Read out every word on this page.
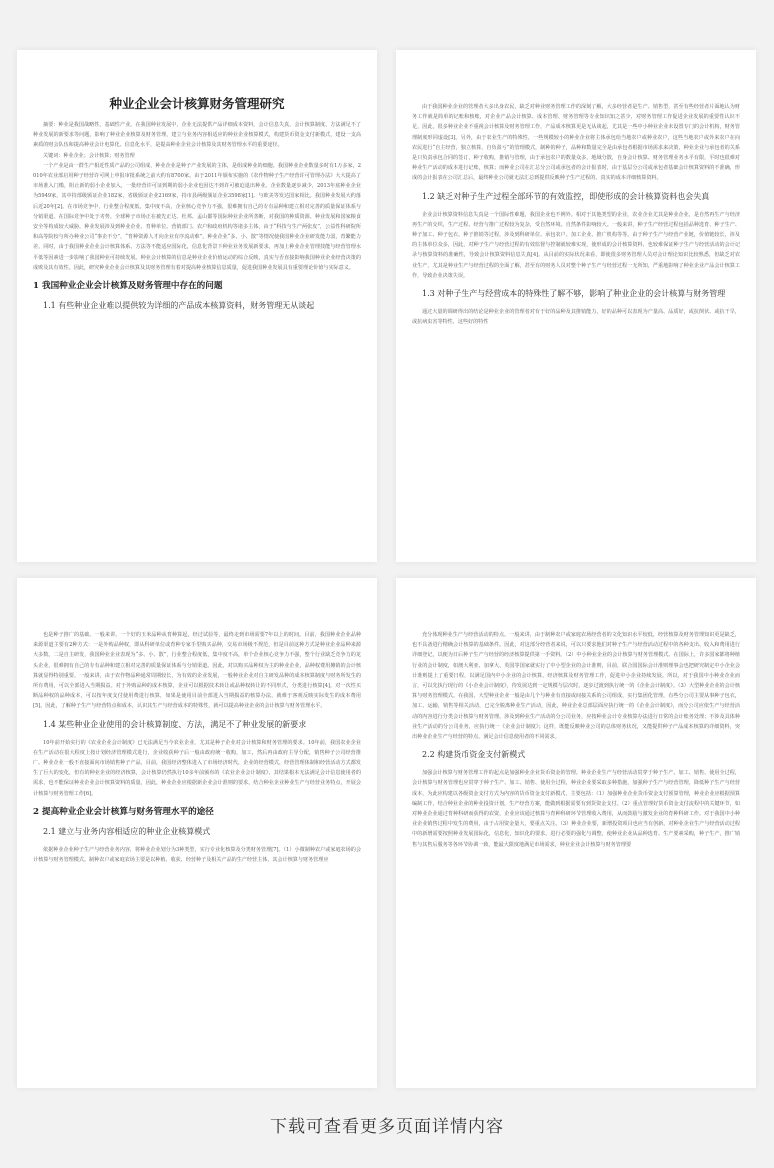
种业企业会计核算财务管理研究

摘要：种业是我国战略性、基础性产业。在我国种业发展中，企业无法提供产品详细成本资料，会计信息失真，会计核算制度、方法满足不了种业发展的新要求等问题，影响了种业企业核算及财务管理，建立与业务内容相适应的种业企业核算模式，构建货币资金支付新模式，建设一支高素质的财会队伍和提高种业会计电算化、信息化水平，是提高种业企业会计核算及其财务管理水平的重要途径。

关键词：种业企业；会计核算；财务管理

一个产业是由一群生产相近性质产品的公司组成，种业企业是种子产业发展的主体，是组成种业的细胞。我国种业企业数量多时有1万多家，2010年农业部启用种子经营许可网上申报审批系统之前大约有8700家。由于2011年颁布实施的《农作物种子生产经营许可管理办法》大大提高了市场准入门槛，阻止新的弱小企业加入，一批经营许可证到期的弱小企业也因达不到许可被迫退出种业。企业数量逐步减少，2013年底种业企业为5949家，其中持部级颁证企业182家，省级颁证企业2169家，持市县两级颁证企业3598家[1]。与欧美等发达国家相比，我国种业发展大约落后近20年[2]。在市场竞争中，行业整合程度低，集中度不高，企业核心竞争力不强，很难拥有自己的专有品种和建立相对完善的质量保证体系与分销渠道。在国际竞争中处于劣势。全球种子市场正在被先正达、杜邦、孟山都等国际种业企业所垄断，对我国的种质资源、种业发展和国家粮食安全等构成较大威胁。种业发展涉及到种业企业、育种单位、营销部门、农户和政府机构等诸多主体，由于“科技与生产两张皮”，公益性科研院所和高等院校与所办种业公司“事企不分”，“育种资源人才向企业有序流动难”，种业企业“多、小、散”等情况使我国种业企业研发能力弱，育繁能力差。同时，由于我国种业企业会计核算体系、方法等不能适应国际化，信息化背景下种业业务发展新要求，再加上种业企业管理技能与经营管理水平低等因素进一步影响了我国种业可持续发展。种业会计核算的信息是种业企业价值运动的综合反映，真实与否直接影响我国种业企业经营决策的成败及其有效性。因此，研究种业企业会计核算及其财务管理有着对提高种业核算信息质量，促进我国种业发展具有重要理论价值与实际意义。

1 我国种业企业会计核算及财务管理中存在的问题
1.1 有些种业企业难以提供较为详细的产品成本核算资料，财务管理无从谈起

由于我国种业企业的管理者大多出身农民，缺乏对种业财务管理工作的深刻了解，大多经营者是生产、销售型，甚至有些经营者片面地认为财务工作就是简单的记账和核账，对企业产品会计核算、成本管理、财务管理等专业知识知之甚少，对财务管理工作促进企业发展的重要性认识不足，因此，很多种业企业不重视会计核算及财务管理工作，产品成本核算更是无从谈起，尤其是一些中小种业企业未设置专门的会计机构，财务管理制度形同虚设[3]。另外，由于农业生产的特殊性，一些规模较小的种业企业将主体承包给当地农户或种业农户，这些当地农户或外来农户在向农民进行“自主经营，独立核算，自负盈亏”的管理模式，制种的种子，品种和数量完全是由承包者根据市场需求来决策，种业企业与承包者的关系是只负责承包合同的签订，种子收购，推销与管理，由于承包农户的数量众多，地域分散，自身会计核算、财务管理业务水平有限，平时也很难对种业生产活动的成本进行记账，核算；而种业公司在汇总分公司或承包者的会计报表时，由于基层分公司或承包者基础会计核算资料的不准确，形成的会计报表在公司汇总后，最终种业公司就无法汇总到提供反映种子生产过程的、真实的成本详细核算资料。

1.2 缺乏对种子生产过程全部环节的有效监控，即使形成的会计核算资料也会失真

企业会计核算资料信息失真是一个国际性难题，我国企业也不例外。相对于其他类型的企业，农业企业尤其是种业企业，是自然再生产与经济再生产的交织，生产过程、经营与推广过程较为复杂，受自然环境、自然条件影响较大。一般来讲，种子生产经营过程包括品种选育、种子生产、种子加工、种子包衣、种子推销等过程，涉及到科研单位、承包农户、加工企业、推广机构等等。由于种子生产与经营产业链，价值链较长，涉及的主体单位众多，因此，对种子生产与经营过程的有效监督与控制就较难实现，使形成的会计核算资料，也较难保证种子生产与经营活动的会计记录与核算资料的准确性，导致会计核算资料信息失真[4]。从目前的实际状况来看，即使很多财务管理人员对会计理论知识比较熟悉，但缺乏对农业生产，尤其是种业生产与经营过程的全面了解，甚至有的财务人员对整个种子生产与经营过程一无所知，严重地影响了种业企业产品会计核算工作，导致企业决策失误。

1.3 对种子生产与经营成本的特殊性了解不够，影响了种业企业的会计核算与财务管理

通过大量的调研得出的结论是种业企业的管理者对有于好的品种及其推销能力，好的品种可以表现为产量高、品质好，或抗倒伏、或抗干旱，或抗病虫害等特性，这些好的特性

也是种子推广的基础。一般来讲，一个好的玉米品种从育种算起，经过试验等，最终走到市场需要7年以上的时间。目前，我国种业企业品种来源渠道主要有2种方式：一是外购品种权，即从科研单位或育种专家手里购买品种，交易市场极不规范，但是目前这种方式是种业企业品种来源大多数。二是自主研发，我国种业企业表现为“多、小、散”，行业整合程度低，集中度不高，单个企业核心竞争力不强，整个行业缺乏竞争力的龙头企业，很难拥有自己的专有品种和建立相对完善的质量保证体系与分销渠道。因此，对以购买品种权为主的种业企业，品种权费用摊销的会计核算就显得特别重要。一般来讲，由于农作物品种通常周期较长，为有效的企业发展，一般种业企业对自主研发品种的成本核算制度与财务所发生的所有费用，可以全部进入当期损益。对于外购品种的成本核算，企业可以根据技术转让或品种权转让的不同形式，分类进行核算[4]。对一次性买断品种权的品种成本，可以按年度支付使用费进行核算，如果是使用目前全部进入当期损益的核算办法，就难于客观反映实际发生的成本费用[5]。因此，了解种子生产与经营特点和成本，认识其生产与经营成本的特殊性，就可以提高种业企业的会计核算与财务管理水平。

1.4 某些种业企业使用的会计核算制度、方法，满足不了种业发展的新要求

10年前开始实行的《农业企业会计制度》已无法满足当今农业企业，尤其是种子企业对会计核算和财务管理的要求。10年前，我国农业企业在生产活动在很大程度上按计划经济管理模式进行，企业收获种子后一般由政府统一收购，加工，然后再由政府主导分配，销售种子公司经营推广。种业企业一般不直接面向市场销售种子产品，目前，我国经济整体进入了市场经济时代，企业的经营模式，经营管理体制和经营活动方式都发生了巨大的变化，但有的种业企业的经济核算，会计核算仍然执行10多年前颁布的《农业企业会计制度》，其结果根本无法满足会计信息使用者的需求，也不能保证种业企业会计核算资料的质量，因此，种业企业应根据新企业会计准则的要求，结合种业企业种业生产与经营业务特点，开展会计核算与财务管理工作[6]。

2 提高种业企业会计核算与财务管理水平的途径
2.1 建立与业务内容相适应的种业企业核算模式

依据种业企业种子生产与经营业务内容，将种业企业划分为3种类型，实行专业化核算及分类财务管理[7]。（1）小微制种农户或家庭农场的会计核算与财务管理模式。制种农户或家庭农场主要是以种植、收获、经营种子及相关产品的生产经营主体，其会计核算与财务管理应

充分体现种业生产与经营活动的特点。一般来讲，由于制种农户或家庭农场经营者的文化知识水平较低，经营核算及财务管理知识更是缺乏，也不具备进行精确会计核算的基础条件。因此，对这部分经营者来说，可以只要求他们对种子生产与经营活动过程中的各种支出、收入和费用进行详细登记，以便为日后种子生产与经营的经济核算提供第一手资料。（2）中小种业企业的会计核算与财务管理模式。在国际上，许多国家都将种植行业的会计制度，如澳大利亚、加拿大、英国等国家就实行了中小型企业的会计准则，目前，联合国国际会计准则理事会也把研究制定中小企业会计准则提上了重要日程，以满足国内中小企业的会计核算，经济核算及财务管理工作，促进中小企业持续发展。所以，对于我国中小种业企业而言，可以先执行现行的《小企业会计制度》，待发展达到一定规模与层次时，逐步过渡到执行统一的《企业会计制度》。（3）大型种业企业的会计核算与财务管理模式。在我国，大型种业企业一般是由几个与种业有直接或间接关系的公司组成，实行集团化管理，有些分公司主要从事种子包衣，加工，运输，销售等相关活动，已完全脱离种业生产活动，因此，种业企业总部层面应执行统一的《企业会计制度》，而分公司应依生产与经营活动的内容进行分类会计核算与财务管理。涉及到种业生产活动的分公司业务，应按种业会计专业核算办法进行日常的会计账务处理；不涉及具体种业生产活动的分公司业务，应执行统一《企业会计制度》；这样，既能反映种业公司的总体财务状况，又能提供种子产品成本核算的详细资料，突出种业企业生产与经营的特点，满足会计信息使用者的不同需求。

2.2 构建货币资金支付新模式

加强会计核算与财务管理工作的起点是加强种业企业货币资金的管理。种业企业生产与经营活动贯穿于种子生产、加工、销售、使用全过程，会计核算与财务管理也应贯穿于种子生产、加工、销售、使用全过程，种业企业要采取多种措施，加强种子生产与经营管理，降低种子生产与经营成本，为此应构建以各级资金支付方式为内容的货币资金支付新模式，主要包括：（1）加强种业企业货币资金支付预算管理，种业企业应根据预算编制工作，结合种业企业的种业投资计划，生产经营方案，能做到根据需要有到货资金支付。（2）重点管理好货币资金支付流程中的关键环节，如对种业企业通过育种科研而获得的农资，企业应该通过核算与育种科研环节管理收入费用，从而鼓励与激发企业的育种科研工作。对于我国中小种业企业销售过程中发生的费用，由于占用资金量大，要重点关注。（3）种业企业要，新增投资项目也应当有创新，对种业企业生产与经营活动过程中的新增需要按照种业发展国际化，信息化，知识化的要求，进行必要的强化与调整，使种业企业从品种选育、生产要素采购，种子生产，推广销售与其售后服务等各环节协调一致，能最大限度地满足市场需求，种业企业会计核算与财务管理要

下载可查看更多页面详情内容
